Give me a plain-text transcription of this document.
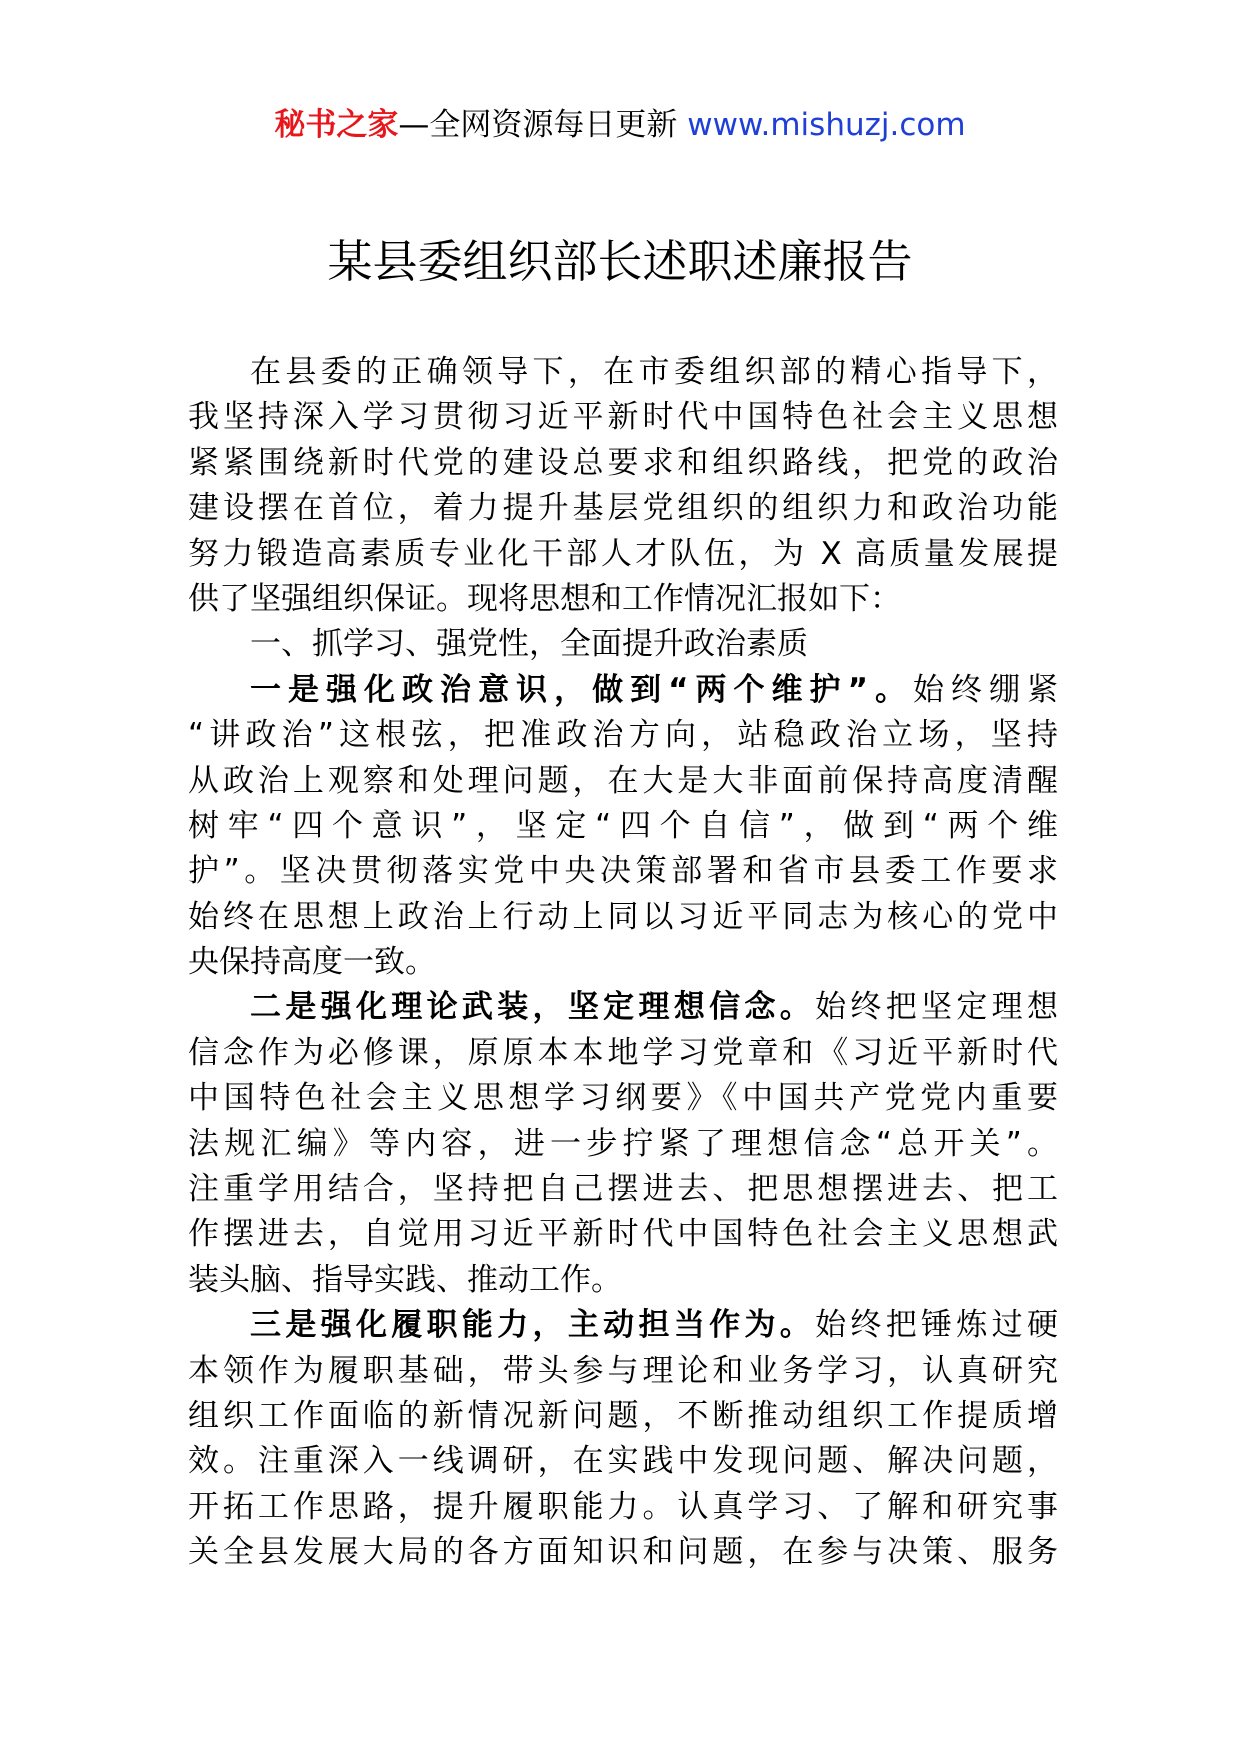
秘书之家—全网资源每日更新 www.mishuzj.com
某县委组织部长述职述廉报告
在县委的正确领导下，在市委组织部的精心指导下，
我坚持深入学习贯彻习近平新时代中国特色社会主义思想
紧紧围绕新时代党的建设总要求和组织路线，把党的政治
建设摆在首位，着力提升基层党组织的组织力和政治功能
努力锻造高素质专业化干部人才队伍，为 X 高质量发展提
供了坚强组织保证。现将思想和工作情况汇报如下：
一、抓学习、强党性，全面提升政治素质
一是强化政治意识，做到“两个维护”。始终绷紧
“讲政治”这根弦，把准政治方向，站稳政治立场，坚持
从政治上观察和处理问题，在大是大非面前保持高度清醒
树牢“四个意识”，坚定“四个自信”，做到“两个维
护”。坚决贯彻落实党中央决策部署和省市县委工作要求
始终在思想上政治上行动上同以习近平同志为核心的党中
央保持高度一致。
二是强化理论武装，坚定理想信念。始终把坚定理想
信念作为必修课，原原本本地学习党章和《习近平新时代
中国特色社会主义思想学习纲要》《中国共产党党内重要
法规汇编》等内容，进一步拧紧了理想信念“总开关”。
注重学用结合，坚持把自己摆进去、把思想摆进去、把工
作摆进去，自觉用习近平新时代中国特色社会主义思想武
装头脑、指导实践、推动工作。
三是强化履职能力，主动担当作为。始终把锤炼过硬
本领作为履职基础，带头参与理论和业务学习，认真研究
组织工作面临的新情况新问题，不断推动组织工作提质增
效。注重深入一线调研，在实践中发现问题、解决问题，
开拓工作思路，提升履职能力。认真学习、了解和研究事
关全县发展大局的各方面知识和问题，在参与决策、服务
